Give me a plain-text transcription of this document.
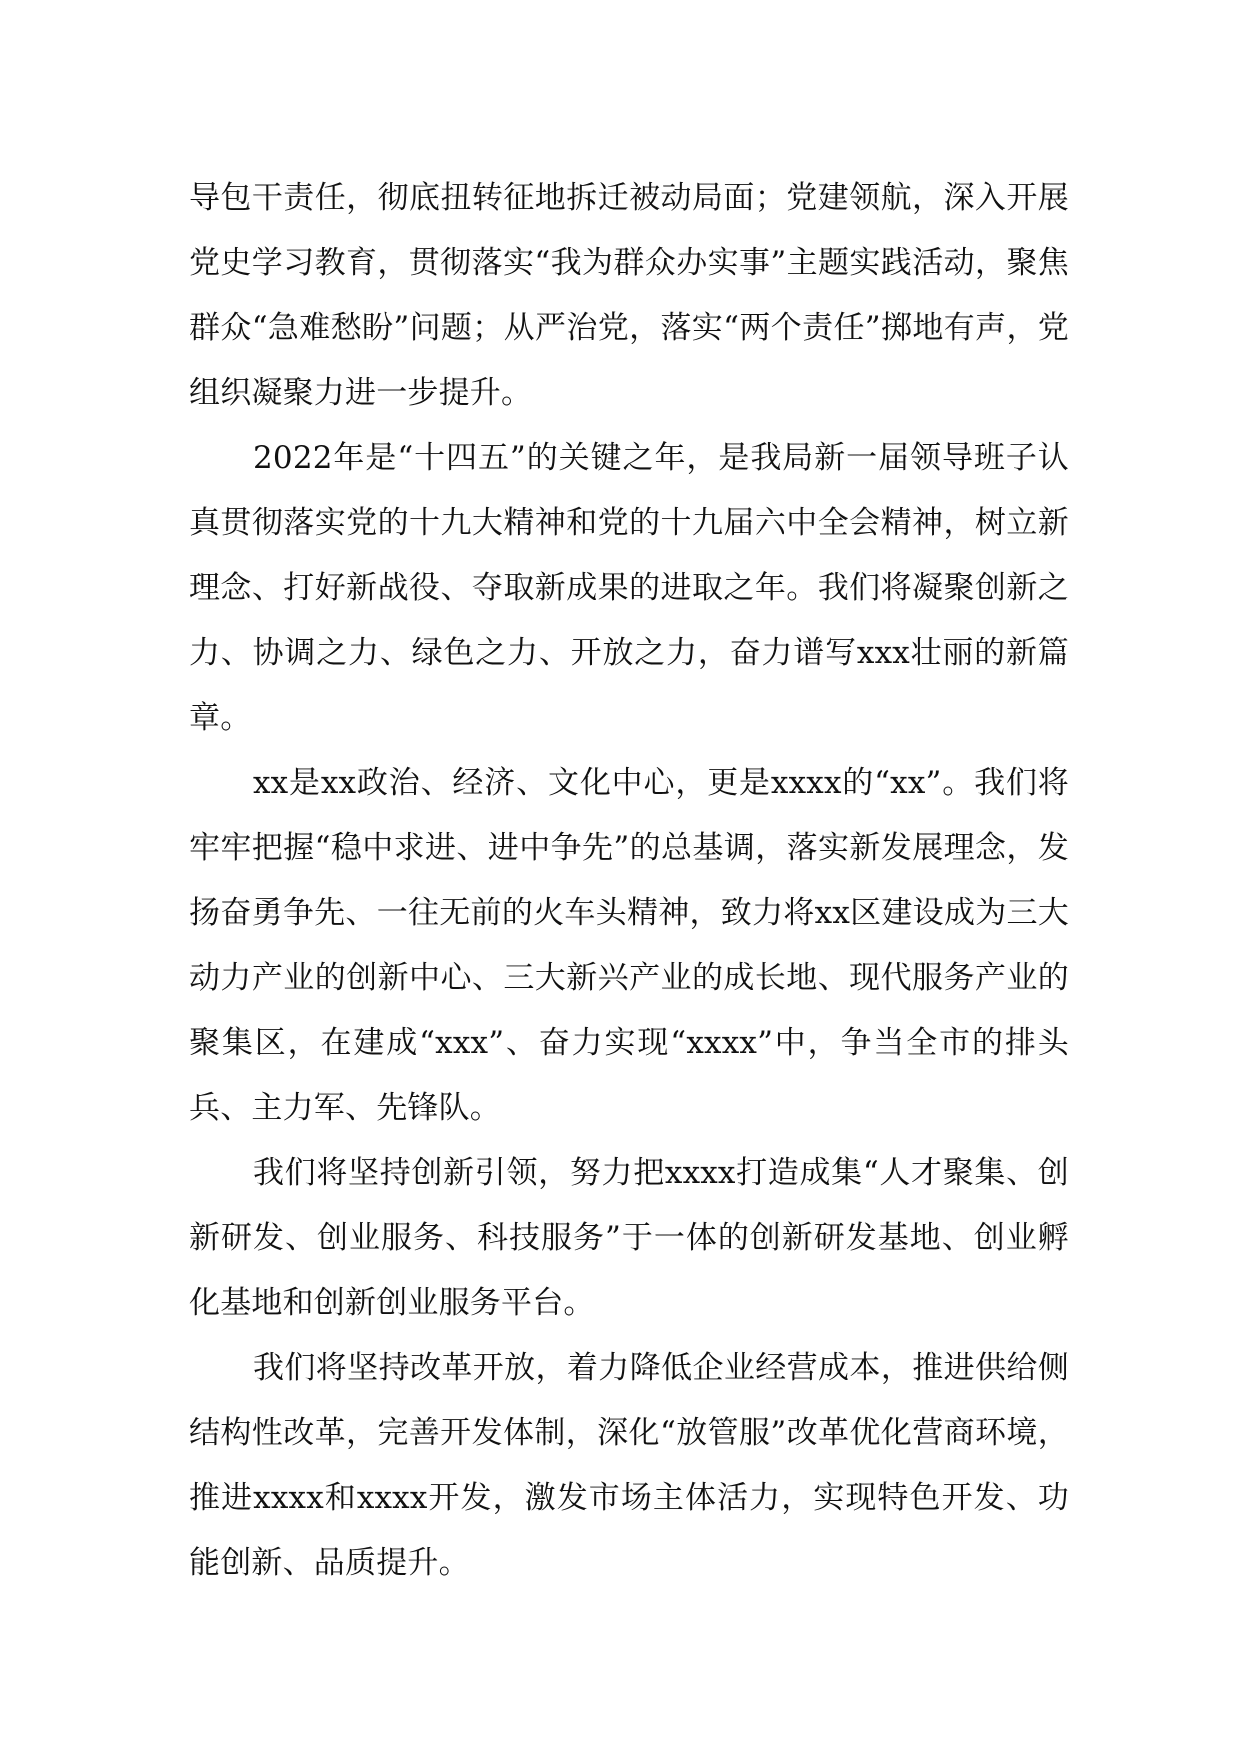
导包干责任，彻底扭转征地拆迁被动局面；党建领航，深入开展党史学习教育，贯彻落实“我为群众办实事”主题实践活动，聚焦群众“急难愁盼”问题；从严治党，落实“两个责任”掷地有声，党组织凝聚力进一步提升。

2022年是“十四五”的关键之年，是我局新一届领导班子认真贯彻落实党的十九大精神和党的十九届六中全会精神，树立新理念、打好新战役、夺取新成果的进取之年。我们将凝聚创新之力、协调之力、绿色之力、开放之力，奋力谱写xxx壮丽的新篇章。

xx是xx政治、经济、文化中心，更是xxxx的“xx”。我们将牢牢把握“稳中求进、进中争先”的总基调，落实新发展理念，发扬奋勇争先、一往无前的火车头精神，致力将xx区建设成为三大动力产业的创新中心、三大新兴产业的成长地、现代服务产业的聚集区，在建成“xxx”、奋力实现“xxxx”中，争当全市的排头兵、主力军、先锋队。

我们将坚持创新引领，努力把xxxx打造成集“人才聚集、创新研发、创业服务、科技服务”于一体的创新研发基地、创业孵化基地和创新创业服务平台。

我们将坚持改革开放，着力降低企业经营成本，推进供给侧结构性改革，完善开发体制，深化“放管服”改革优化营商环境，推进xxxx和xxxx开发，激发市场主体活力，实现特色开发、功能创新、品质提升。
